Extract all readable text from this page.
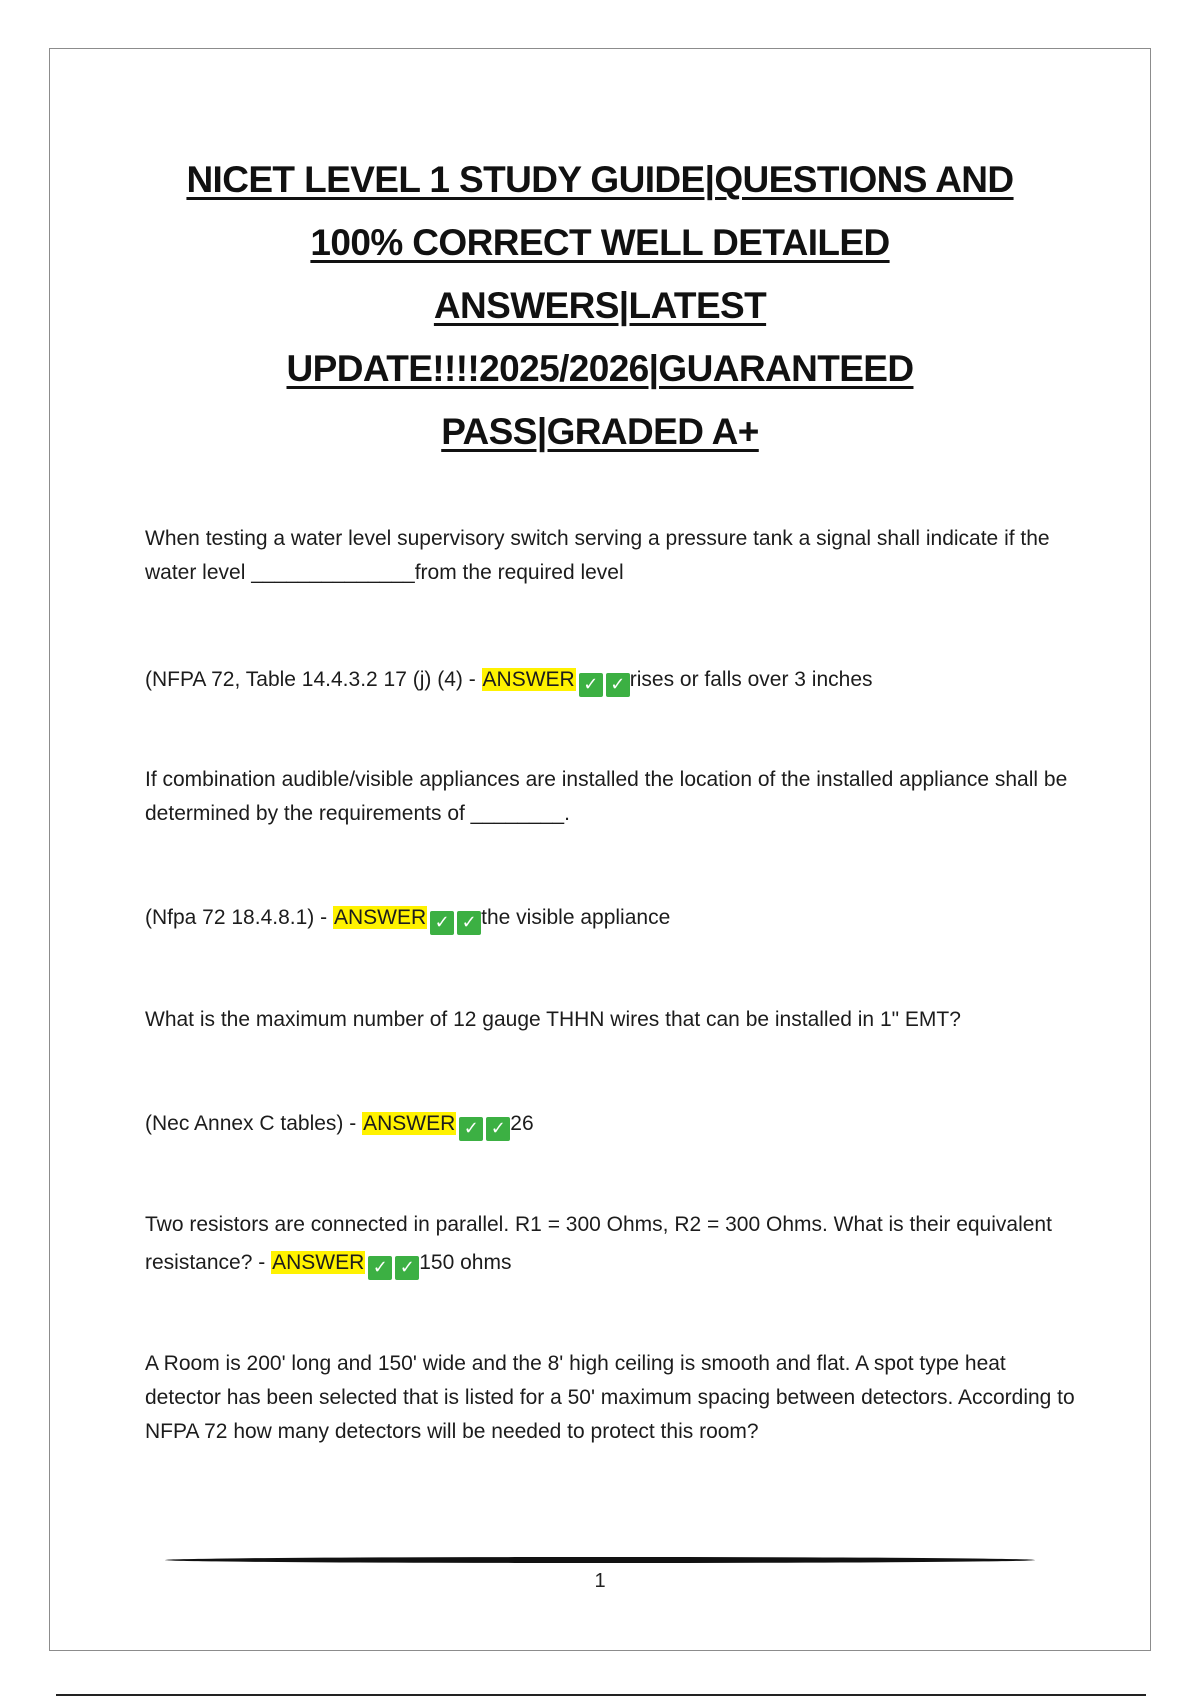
NICET LEVEL 1 STUDY GUIDE|QUESTIONS AND
100% CORRECT WELL DETAILED
ANSWERS|LATEST
UPDATE!!!!2025/2026|GUARANTEED
PASS|GRADED A+
When testing a water level supervisory switch serving a pressure tank a signal shall indicate if the water level ______________from the required level
(NFPA 72, Table 14.4.3.2 17 (j) (4) - ANSWER ✓ ✓ rises or falls over 3 inches
If combination audible/visible appliances are installed the location of the installed appliance shall be determined by the requirements of ________.
(Nfpa 72 18.4.8.1) - ANSWER ✓ ✓ the visible appliance
What is the maximum number of 12 gauge THHN wires that can be installed in 1" EMT?
(Nec Annex C tables) - ANSWER ✓ ✓ 26
Two resistors are connected in parallel. R1 = 300 Ohms, R2 = 300 Ohms. What is their equivalent resistance? - ANSWER ✓ ✓ 150 ohms
A Room is 200' long and 150' wide and the 8' high ceiling is smooth and flat. A spot type heat detector has been selected that is listed for a 50' maximum spacing between detectors. According to NFPA 72 how many detectors will be needed to protect this room?
1
